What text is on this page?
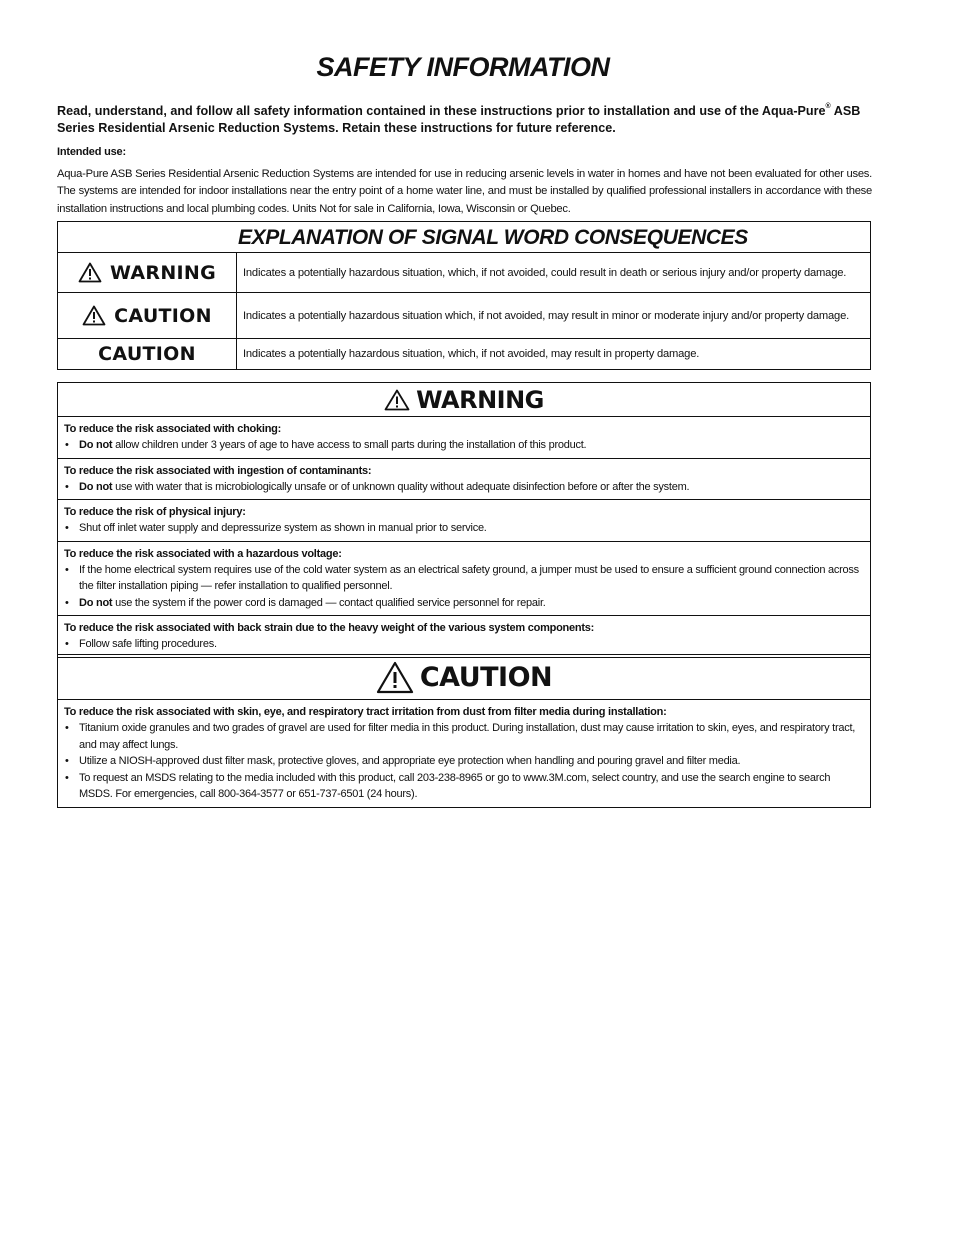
SAFETY INFORMATION
Read, understand, and follow all safety information contained in these instructions prior to installation and use of the Aqua-Pure® ASB Series Residential Arsenic Reduction Systems. Retain these instructions for future reference.
Intended use:
Aqua-Pure ASB Series Residential Arsenic Reduction Systems are intended for use in reducing arsenic levels in water in homes and have not been evaluated for other uses. The systems are intended for indoor installations near the entry point of a home water line, and must be installed by qualified professional installers in accordance with these installation instructions and local plumbing codes. Units Not for sale in California, Iowa, Wisconsin or Quebec.
EXPLANATION OF SIGNAL WORD CONSEQUENCES
WARNING	Indicates a potentially hazardous situation, which, if not avoided, could result in death or serious injury and/or property damage.
CAUTION	Indicates a potentially hazardous situation which, if not avoided, may result in minor or moderate injury and/or property damage.
CAUTION	Indicates a potentially hazardous situation, which, if not avoided, may result in property damage.
WARNING
To reduce the risk associated with choking:
• Do not allow children under 3 years of age to have access to small parts during the installation of this product.
To reduce the risk associated with ingestion of contaminants:
• Do not use with water that is microbiologically unsafe or of unknown quality without adequate disinfection before or after the system.
To reduce the risk of physical injury:
• Shut off inlet water supply and depressurize system as shown in manual prior to service.
To reduce the risk associated with a hazardous voltage:
• If the home electrical system requires use of the cold water system as an electrical safety ground, a jumper must be used to ensure a sufficient ground connection across the filter installation piping — refer installation to qualified personnel.
• Do not use the system if the power cord is damaged — contact qualified service personnel for repair.
To reduce the risk associated with back strain due to the heavy weight of the various system components:
• Follow safe lifting procedures.
CAUTION
To reduce the risk associated with skin, eye, and respiratory tract irritation from dust from filter media during installation:
• Titanium oxide granules and two grades of gravel are used for filter media in this product. During installation, dust may cause irritation to skin, eyes, and respiratory tract, and may affect lungs.
• Utilize a NIOSH-approved dust filter mask, protective gloves, and appropriate eye protection when handling and pouring gravel and filter media.
• To request an MSDS relating to the media included with this product, call 203-238-8965 or go to www.3M.com, select country, and use the search engine to search MSDS. For emergencies, call 800-364-3577 or 651-737-6501 (24 hours).
